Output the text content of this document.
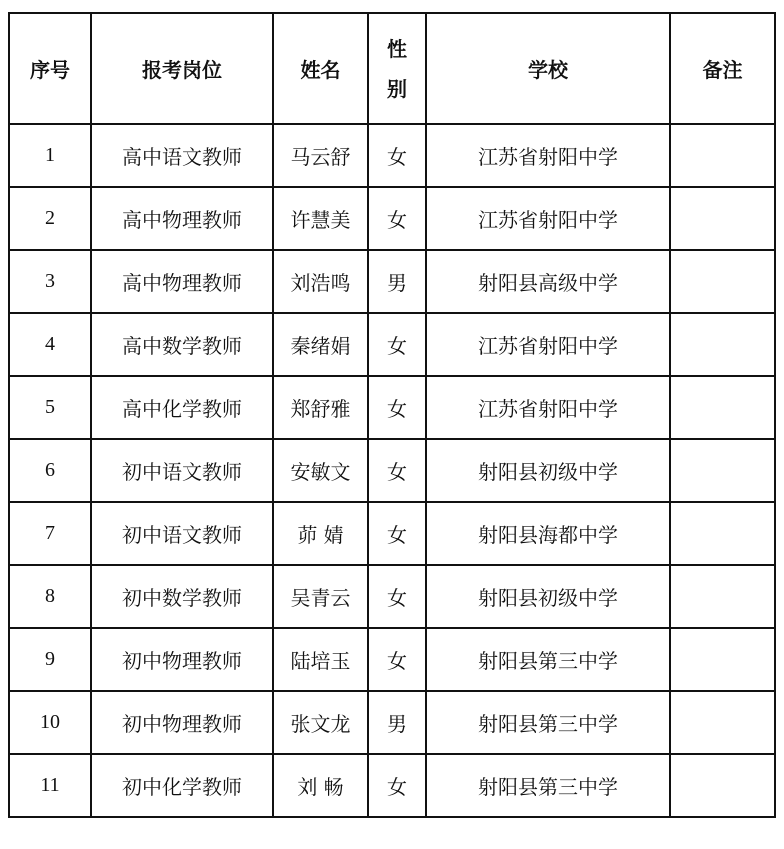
序号	报考岗位	姓名	性别	学校	备注
1	高中语文教师	马云舒	女	江苏省射阳中学	
2	高中物理教师	许慧美	女	江苏省射阳中学	
3	高中物理教师	刘浩鸣	男	射阳县高级中学	
4	高中数学教师	秦绪娟	女	江苏省射阳中学	
5	高中化学教师	郑舒雅	女	江苏省射阳中学	
6	初中语文教师	安敏文	女	射阳县初级中学	
7	初中语文教师	茆 婧	女	射阳县海都中学	
8	初中数学教师	吴青云	女	射阳县初级中学	
9	初中物理教师	陆培玉	女	射阳县第三中学	
10	初中物理教师	张文龙	男	射阳县第三中学	
11	初中化学教师	刘 畅	女	射阳县第三中学	
